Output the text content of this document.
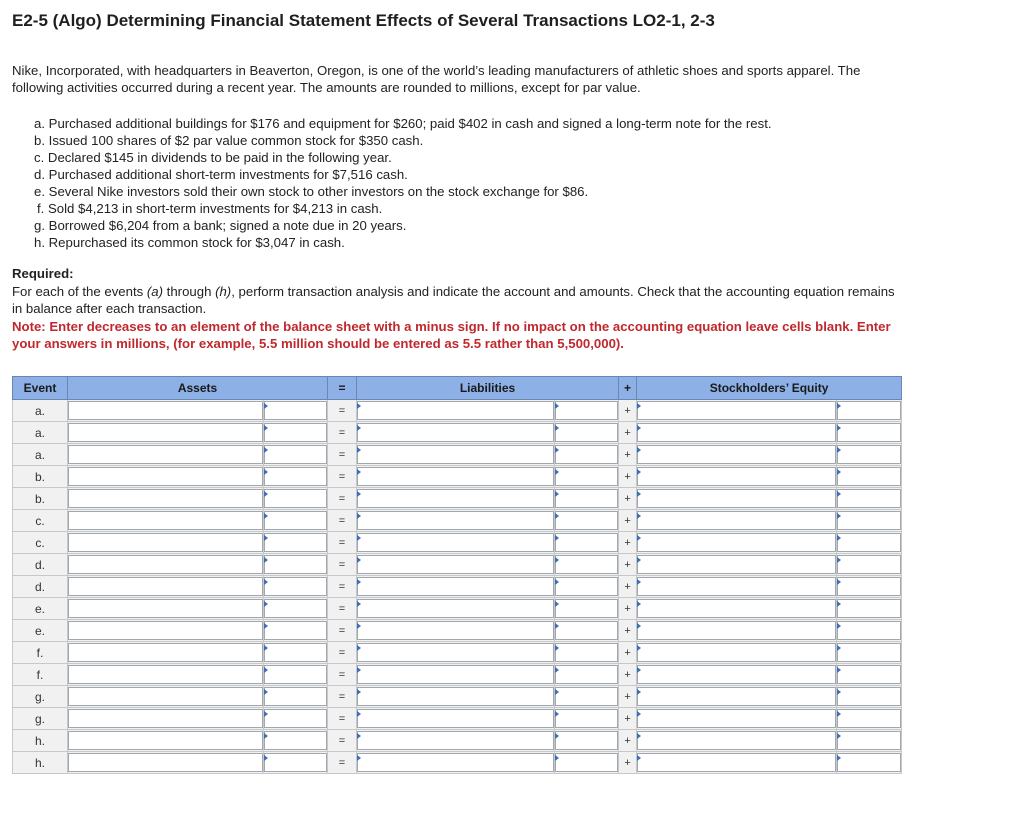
E2-5 (Algo) Determining Financial Statement Effects of Several Transactions LO2-1, 2-3

Nike, Incorporated, with headquarters in Beaverton, Oregon, is one of the world’s leading manufacturers of athletic shoes and sports apparel. The following activities occurred during a recent year. The amounts are rounded to millions, except for par value.

a. Purchased additional buildings for $176 and equipment for $260; paid $402 in cash and signed a long-term note for the rest.
b. Issued 100 shares of $2 par value common stock for $350 cash.
c. Declared $145 in dividends to be paid in the following year.
d. Purchased additional short-term investments for $7,516 cash.
e. Several Nike investors sold their own stock to other investors on the stock exchange for $86.
f. Sold $4,213 in short-term investments for $4,213 in cash.
g. Borrowed $6,204 from a bank; signed a note due in 20 years.
h. Repurchased its common stock for $3,047 in cash.

Required:

For each of the events (a) through (h), perform transaction analysis and indicate the account and amounts. Check that the accounting equation remains in balance after each transaction.

Note: Enter decreases to an element of the balance sheet with a minus sign. If no impact on the accounting equation leave cells blank. Enter your answers in millions, (for example, 5.5 million should be entered as 5.5 rather than 5,500,000).

Event	Assets		=	Liabilities		+	Stockholders’ Equity	
a.			=			+	

a.			=			+	

a.			=			+	

b.			=			+	

b.			=			+	

c.			=			+	

c.			=			+	

d.			=			+	

d.			=			+	

e.			=			+	

e.			=			+	

f.			=			+	

f.			=			+	

g.			=			+	

g.			=			+	

h.			=			+	

h.			=			+	
